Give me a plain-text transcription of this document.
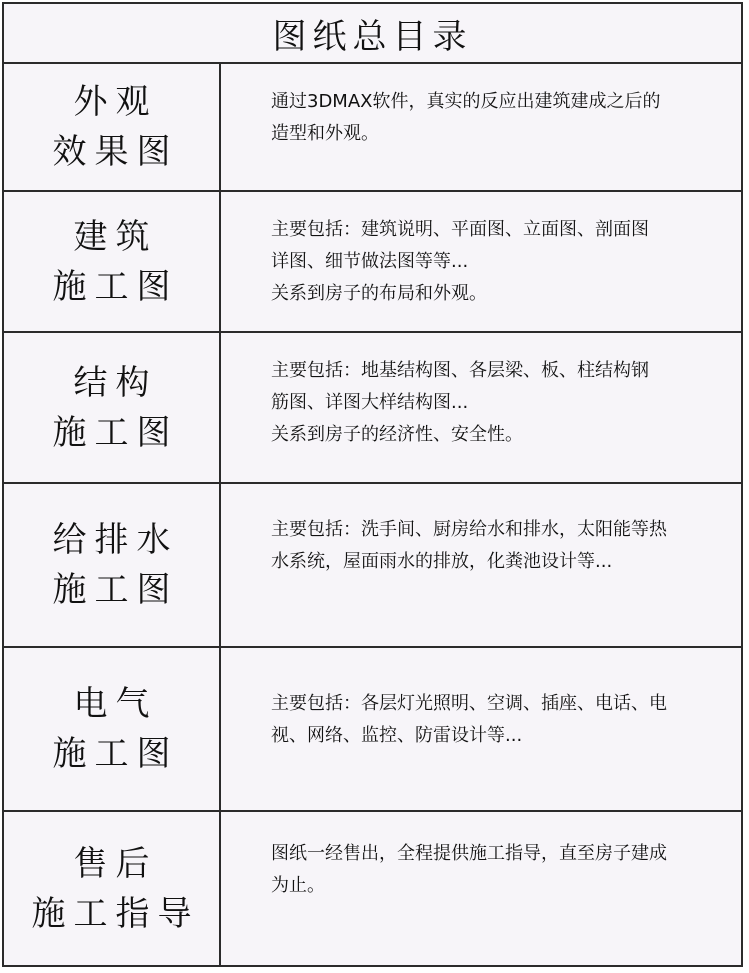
图纸总目录
外观
效果图
通过3DMAX软件，真实的反应出建筑建成之后的
造型和外观。
建筑
施工图
主要包括：建筑说明、平面图、立面图、剖面图
详图、细节做法图等等...
关系到房子的布局和外观。
结构
施工图
主要包括：地基结构图、各层梁、板、柱结构钢
筋图、详图大样结构图...
关系到房子的经济性、安全性。
给排水
施工图
主要包括：洗手间、厨房给水和排水，太阳能等热
水系统，屋面雨水的排放，化粪池设计等...
电气
施工图
主要包括：各层灯光照明、空调、插座、电话、电
视、网络、监控、防雷设计等...
售后
施工指导
图纸一经售出，全程提供施工指导，直至房子建成
为止。
